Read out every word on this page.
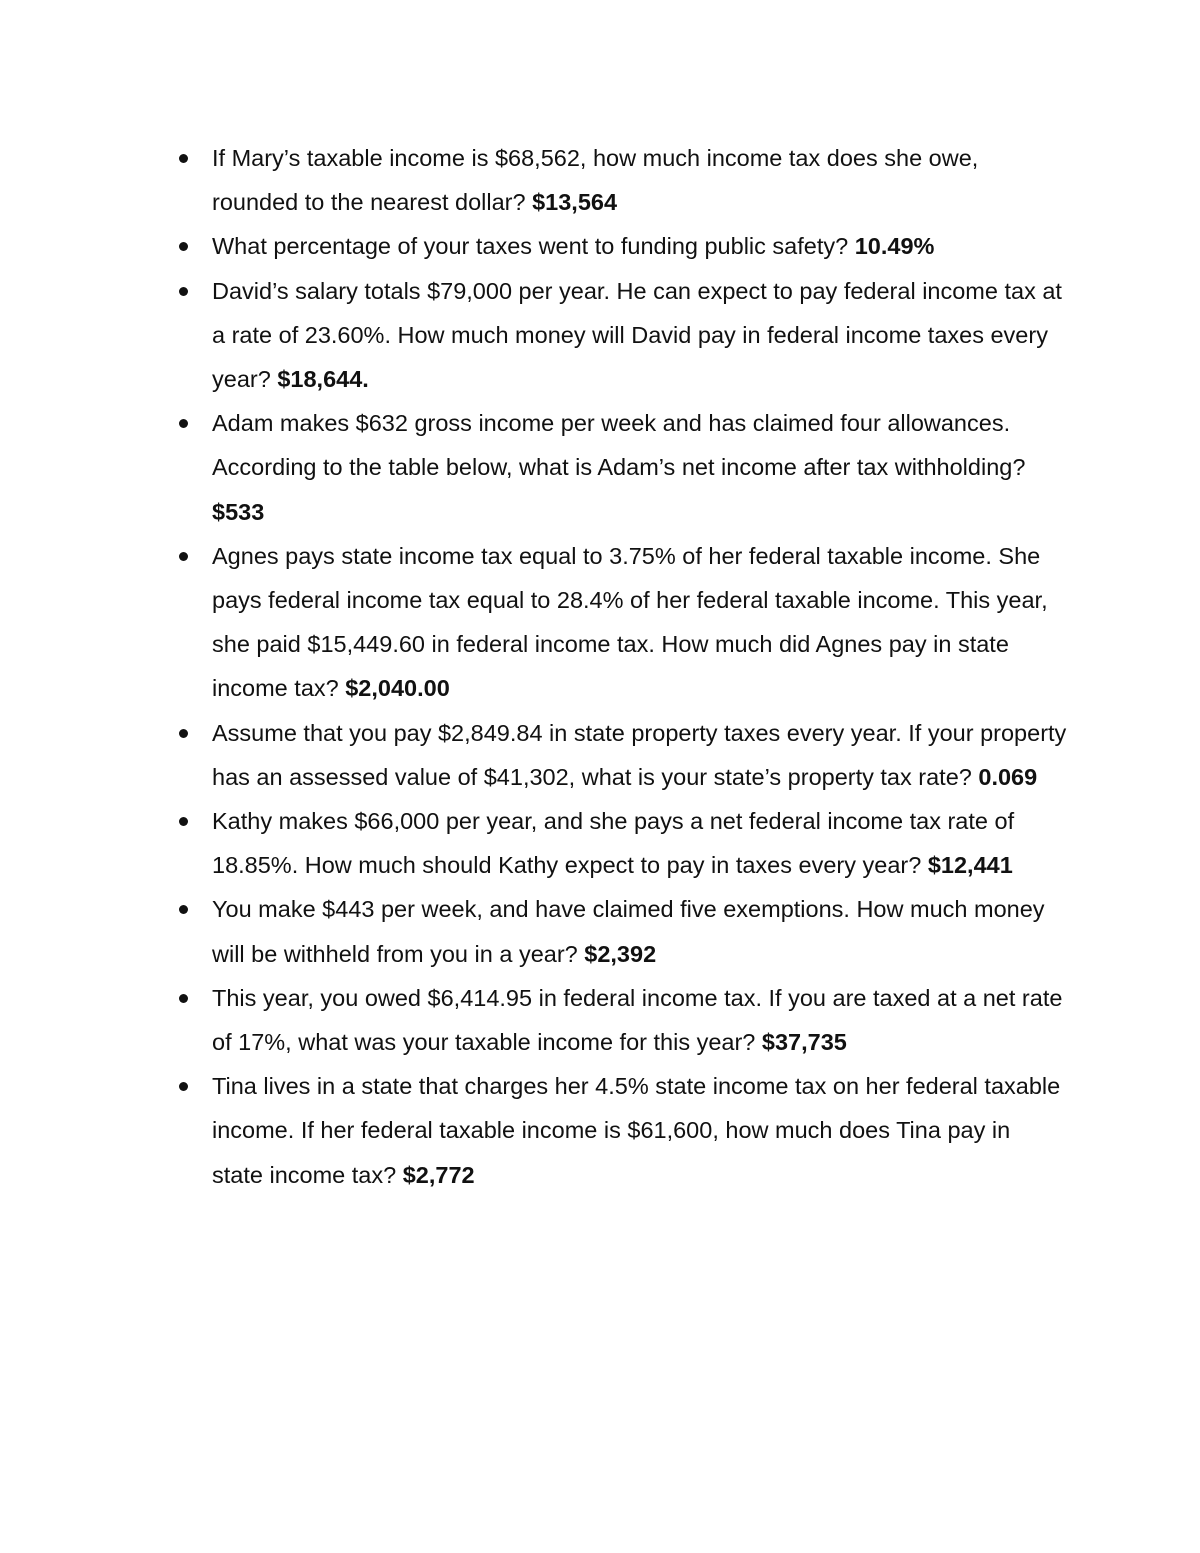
If Mary’s taxable income is $68,562, how much income tax does she owe, rounded to the nearest dollar? $13,564
What percentage of your taxes went to funding public safety? 10.49%
David’s salary totals $79,000 per year. He can expect to pay federal income tax at a rate of 23.60%. How much money will David pay in federal income taxes every year? $18,644.
Adam makes $632 gross income per week and has claimed four allowances. According to the table below, what is Adam’s net income after tax withholding? $533
Agnes pays state income tax equal to 3.75% of her federal taxable income. She pays federal income tax equal to 28.4% of her federal taxable income. This year, she paid $15,449.60 in federal income tax. How much did Agnes pay in state income tax? $2,040.00
Assume that you pay $2,849.84 in state property taxes every year. If your property has an assessed value of $41,302, what is your state’s property tax rate? 0.069
Kathy makes $66,000 per year, and she pays a net federal income tax rate of 18.85%. How much should Kathy expect to pay in taxes every year? $12,441
You make $443 per week, and have claimed five exemptions. How much money will be withheld from you in a year? $2,392
This year, you owed $6,414.95 in federal income tax. If you are taxed at a net rate of 17%, what was your taxable income for this year? $37,735
Tina lives in a state that charges her 4.5% state income tax on her federal taxable income. If her federal taxable income is $61,600, how much does Tina pay in state income tax? $2,772
